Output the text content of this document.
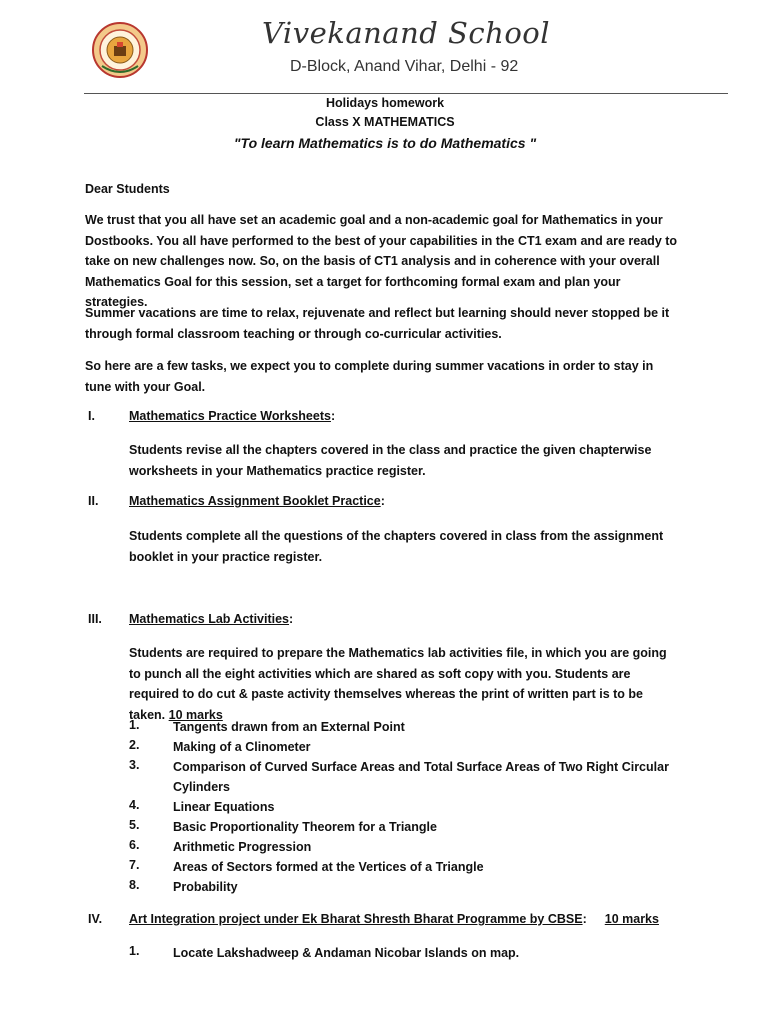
Vivekanand School
D-Block, Anand Vihar, Delhi - 92
Holidays homework
Class X MATHEMATICS
"To learn Mathematics is to do Mathematics "
Dear Students
We trust that you all have set an academic goal and a non-academic goal for Mathematics in your Dostbooks. You all have performed to the best of your capabilities in the CT1 exam and are ready to take on new challenges now. So, on the basis of CT1 analysis and in coherence with your overall Mathematics Goal for this session, set a target for forthcoming formal exam and plan your strategies.
Summer vacations are time to relax, rejuvenate and reflect but learning should never stopped be it through formal classroom teaching or through co-curricular activities.
So here are a few tasks, we expect you to complete during summer vacations in order to stay in tune with your Goal.
I.	Mathematics Practice Worksheets:
Students revise all the chapters covered in the class and practice the given chapterwise worksheets in your Mathematics practice register.
II. Mathematics Assignment Booklet Practice:
Students complete all the questions of the chapters covered in class from the assignment booklet in your practice register.
III. Mathematics Lab Activities:
Students are required to prepare the Mathematics lab activities file, in which you are going to punch all the eight activities which are shared as soft copy with you. Students are required to do cut & paste activity themselves whereas the print of written part is to be taken. 10 marks
1.	Tangents drawn from an External Point
2.	Making of a Clinometer
3.	Comparison of Curved Surface Areas and Total Surface Areas of Two Right Circular Cylinders
4.	Linear Equations
5.	Basic Proportionality Theorem for a Triangle
6.	Arithmetic Progression
7.	Areas of Sectors formed at the Vertices of a Triangle
8.	Probability
IV. Art Integration project under Ek Bharat Shresth Bharat Programme by CBSE: 10 marks
1.	Locate Lakshadweep & Andaman Nicobar Islands on map.
